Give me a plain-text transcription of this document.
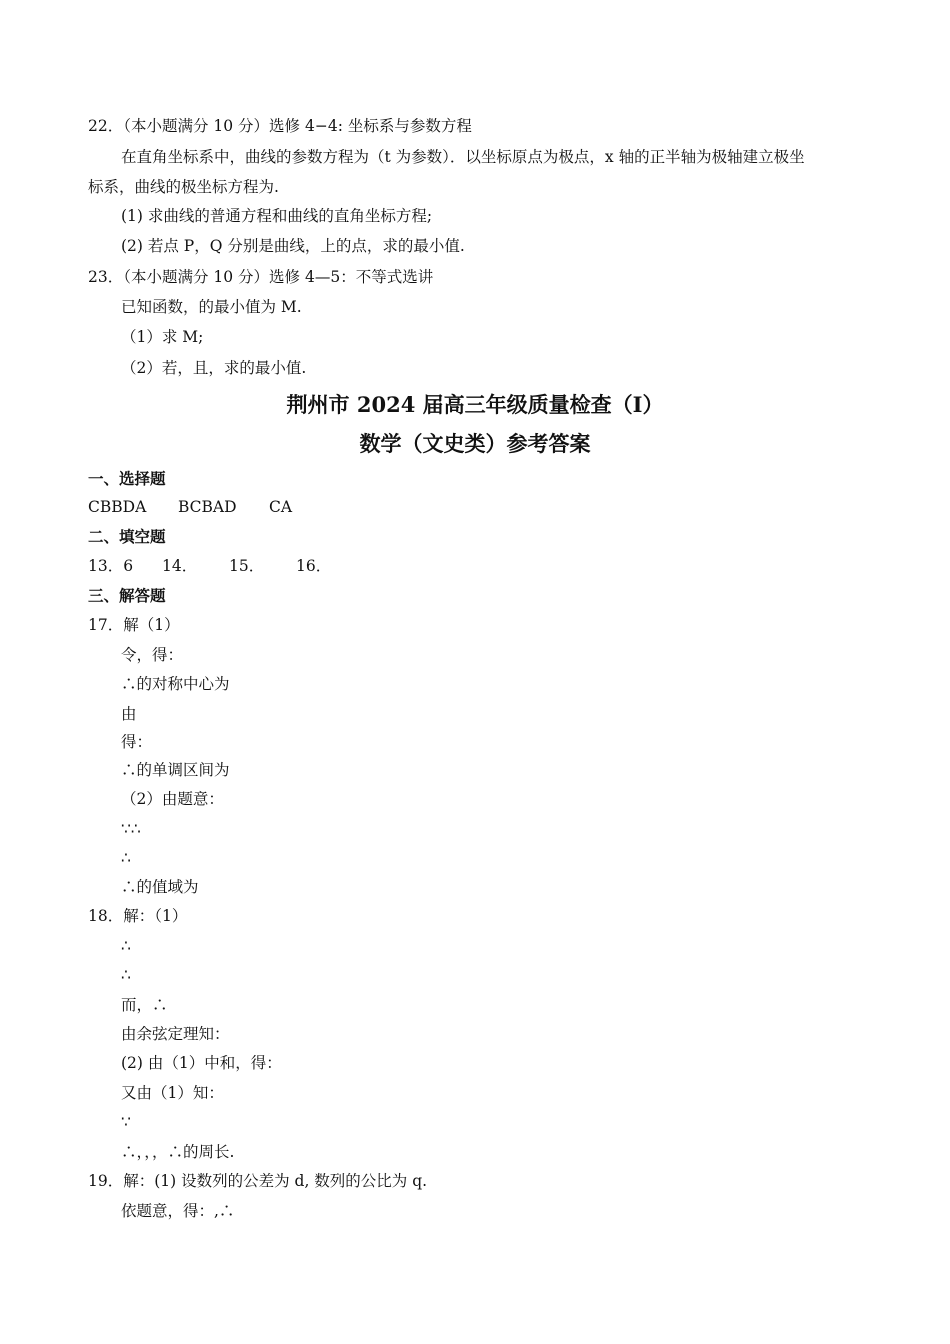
22．（本小题满分 10 分）选修 4−4: 坐标系与参数方程
在直角坐标系中，曲线的参数方程为（t 为参数）．以坐标原点为极点，x 轴的正半轴为极轴建立极坐
标系，曲线的极坐标方程为.
(1) 求曲线的普通方程和曲线的直角坐标方程;
(2) 若点 P，Q 分别是曲线，上的点，求的最小值.
23．（本小题满分 10 分）选修 4—5：不等式选讲
已知函数，的最小值为 M.
（1）求 M;
（2）若，且，求的最小值.
荆州市 2024 届高三年级质量检查（I）
数学（文史类）参考答案
一、选择题
CBBDA BCBAD CA
二、填空题
13．6 14． 15． 16．
三、解答题
17．解（1）
令，得：
∴的对称中心为
由
得：
∴的单调区间为
（2）由题意：
∵∴
∴
∴的值域为
18．解：（1）
∴
∴
而，∴
由余弦定理知：
(2) 由（1）中和，得：
又由（1）知：
∵
∴，，，∴的周长.
19．解：(1) 设数列的公差为 d, 数列的公比为 q.
依题意，得：,∴
